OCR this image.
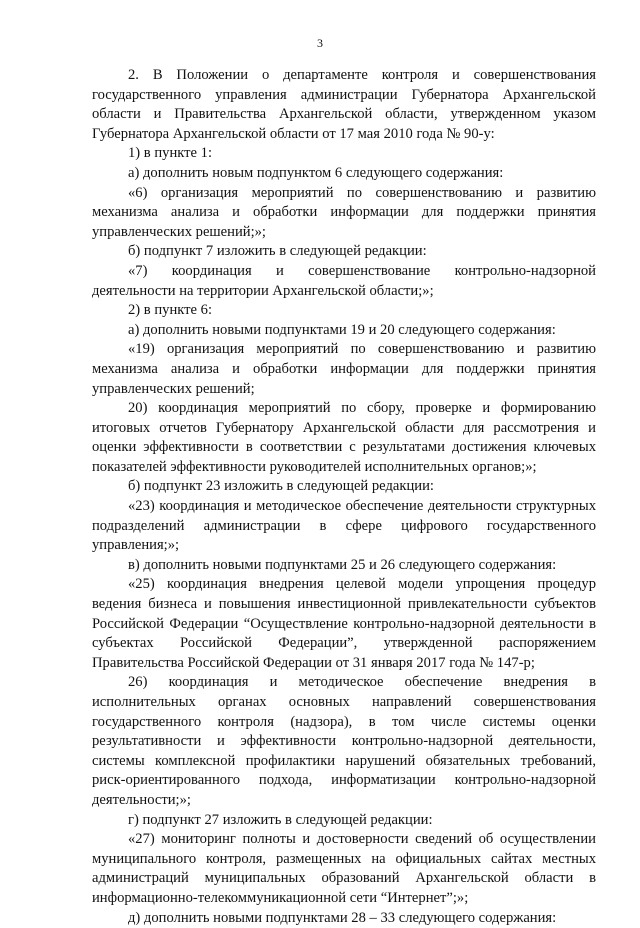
3

2. В Положении о департаменте контроля и совершенствования государственного управления администрации Губернатора Архангельской области и Правительства Архангельской области, утвержденном указом Губернатора Архангельской области от 17 мая 2010 года № 90-у:

1) в пункте 1:

а) дополнить новым подпунктом 6 следующего содержания:

«6) организация мероприятий по совершенствованию и развитию механизма анализа и обработки информации для поддержки принятия управленческих решений;»;

б) подпункт 7 изложить в следующей редакции:

«7) координация и совершенствование контрольно-надзорной деятельности на территории Архангельской области;»;

2) в пункте 6:

а) дополнить новыми подпунктами 19 и 20 следующего содержания:

«19) организация мероприятий по совершенствованию и развитию механизма анализа и обработки информации для поддержки принятия управленческих решений;

20) координация мероприятий по сбору, проверке и формированию итоговых отчетов Губернатору Архангельской области для рассмотрения и оценки эффективности в соответствии с результатами достижения ключевых показателей эффективности руководителей исполнительных органов;»;

б) подпункт 23 изложить в следующей редакции:

«23) координация и методическое обеспечение деятельности структурных подразделений администрации в сфере цифрового государственного управления;»;

в) дополнить новыми подпунктами 25 и 26 следующего содержания:

«25) координация внедрения целевой модели упрощения процедур ведения бизнеса и повышения инвестиционной привлекательности субъектов Российской Федерации “Осуществление контрольно-надзорной деятельности в субъектах Российской Федерации”, утвержденной распоряжением Правительства Российской Федерации от 31 января 2017 года № 147-р;

26) координация и методическое обеспечение внедрения в исполнительных органах основных направлений совершенствования государственного контроля (надзора), в том числе системы оценки результативности и эффективности контрольно-надзорной деятельности, системы комплексной профилактики нарушений обязательных требований, риск-ориентированного подхода, информатизации контрольно-надзорной деятельности;»;

г) подпункт 27 изложить в следующей редакции:

«27) мониторинг полноты и достоверности сведений об осуществлении муниципального контроля, размещенных на официальных сайтах местных администраций муниципальных образований Архангельской области в информационно-телекоммуникационной сети “Интернет”;»;

д) дополнить новыми подпунктами 28 – 33 следующего содержания:
